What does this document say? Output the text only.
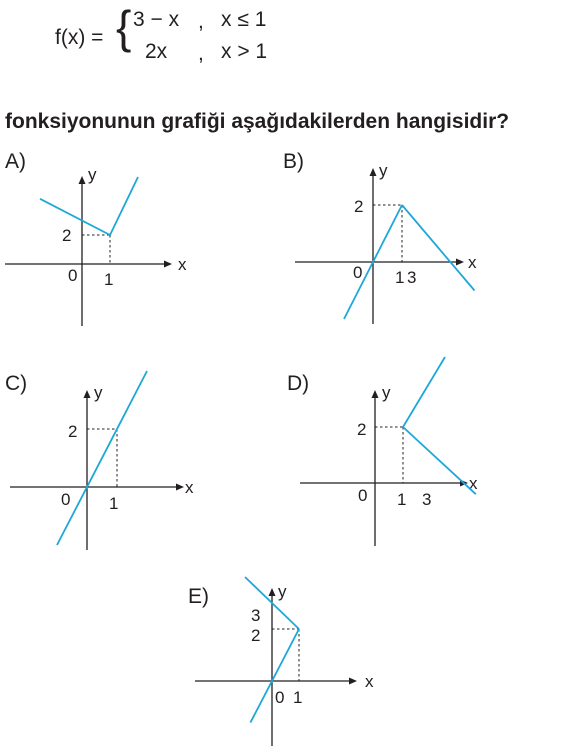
f(x) = { 3 − x , x ≤ 1
2x , x > 1
fonksiyonunun grafiği aşağıdakilerden hangisidir?
A)	B)
C)	D)
E)
x
y
0 1
2
x
y
0 1 3
2
x
y
0 1
2
x
y
0 1 3
2
x
y
0 1
3
2
